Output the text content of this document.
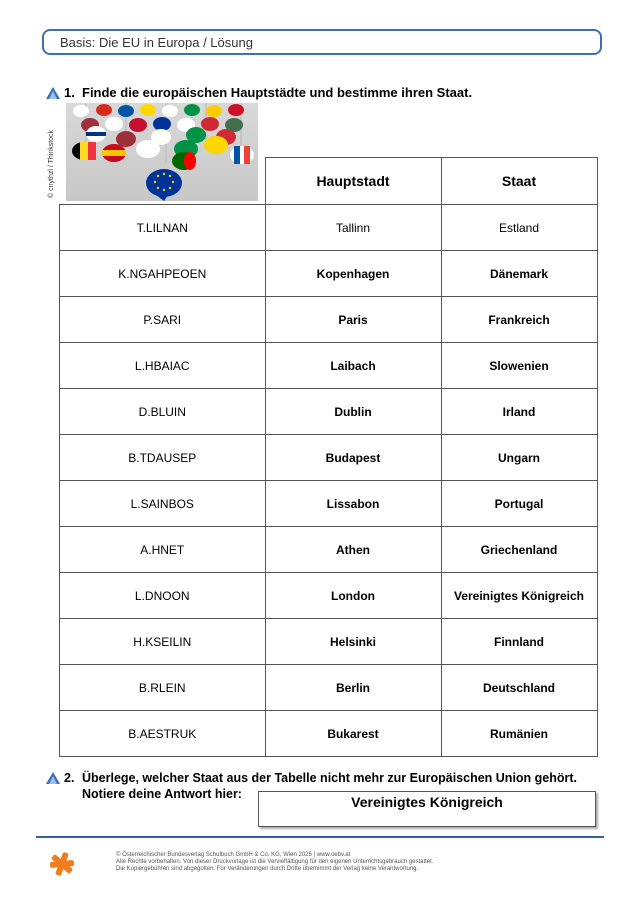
Basis: Die EU in Europa / Lösung
1. Finde die europäischen Hauptstädte und bestimme ihren Staat.
© cnythzl / Thinkstock
		Hauptstadt	Staat
T.LILNAN	Tallinn	Estland
K.NGAHPEOEN	Kopenhagen	Dänemark
P.SARI	Paris	Frankreich
L.HBAIAC	Laibach	Slowenien
D.BLUIN	Dublin	Irland
B.TDAUSEP	Budapest	Ungarn
L.SAINBOS	Lissabon	Portugal
A.HNET	Athen	Griechenland
L.DNOON	London	Vereinigtes Königreich
H.KSEILIN	Helsinki	Finnland
B.RLEIN	Berlin	Deutschland
B.AESTRUK	Bukarest	Rumänien
2. Überlege, welcher Staat aus der Tabelle nicht mehr zur Europäischen Union gehört.
Notiere deine Antwort hier:	Vereinigtes Königreich
© Österreichischer Bundesverlag Schulbuch GmbH & Co. KG, Wien 2026 | www.oebv.at
Alle Rechte vorbehalten. Von dieser Druckvorlage ist die Vervielfältigung für den eigenen Unterrichtsgebrauch gestattet.
Die Kopiergebühren sind abgegolten. Für Veränderungen durch Dritte übernimmt der Verlag keine Verantwortung.
